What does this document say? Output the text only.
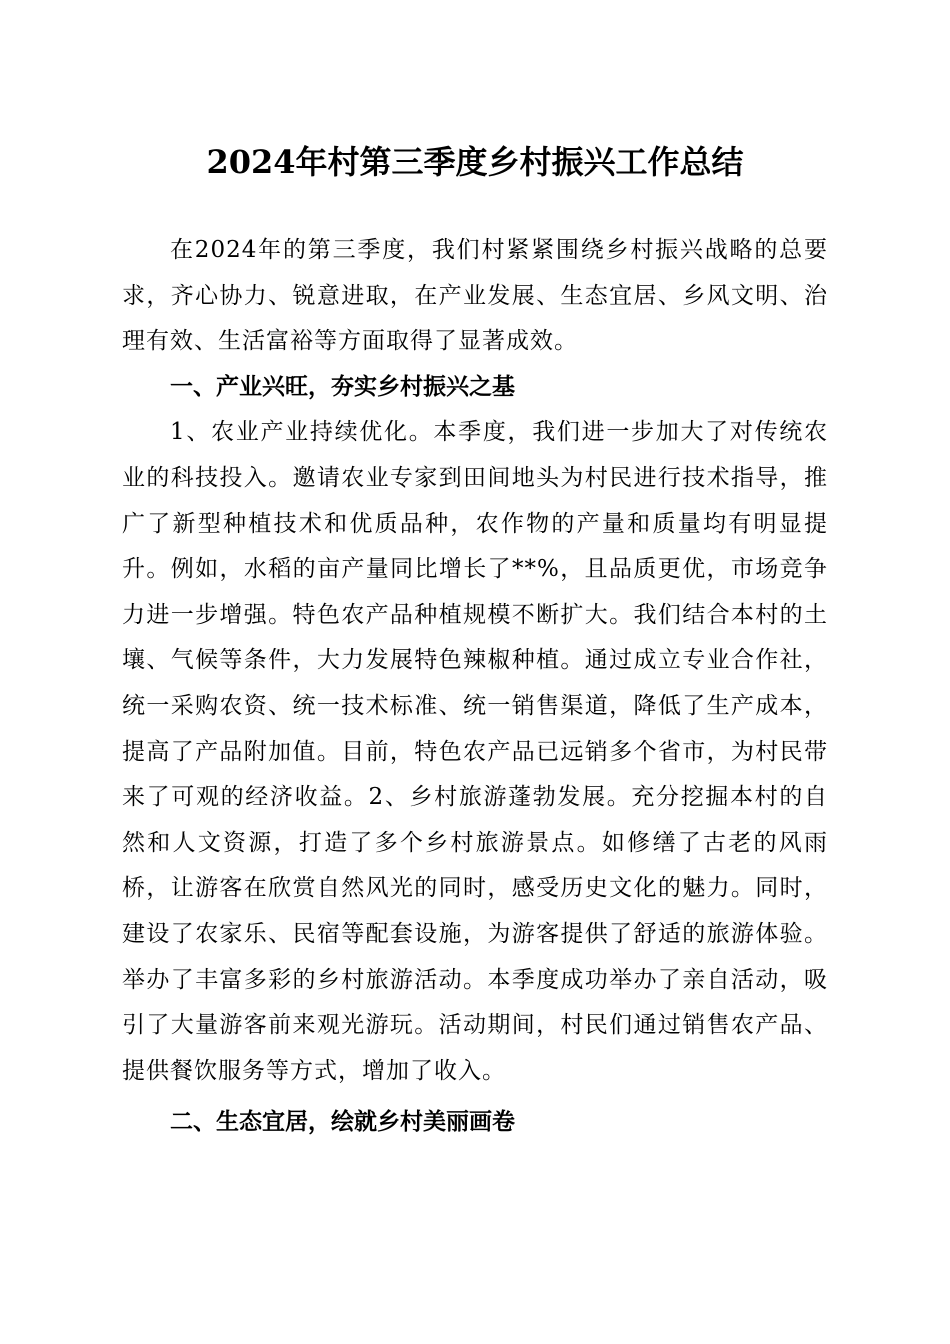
2024年村第三季度乡村振兴工作总结

在2024年的第三季度，我们村紧紧围绕乡村振兴战略的总要求，齐心协力、锐意进取，在产业发展、生态宜居、乡风文明、治理有效、生活富裕等方面取得了显著成效。

一、产业兴旺，夯实乡村振兴之基

1、农业产业持续优化。本季度，我们进一步加大了对传统农业的科技投入。邀请农业专家到田间地头为村民进行技术指导，推广了新型种植技术和优质品种，农作物的产量和质量均有明显提升。例如，水稻的亩产量同比增长了**%，且品质更优，市场竞争力进一步增强。特色农产品种植规模不断扩大。我们结合本村的土壤、气候等条件，大力发展特色辣椒种植。通过成立专业合作社，统一采购农资、统一技术标准、统一销售渠道，降低了生产成本，提高了产品附加值。目前，特色农产品已远销多个省市，为村民带来了可观的经济收益。2、乡村旅游蓬勃发展。充分挖掘本村的自然和人文资源，打造了多个乡村旅游景点。如修缮了古老的风雨桥，让游客在欣赏自然风光的同时，感受历史文化的魅力。同时，建设了农家乐、民宿等配套设施，为游客提供了舒适的旅游体验。举办了丰富多彩的乡村旅游活动。本季度成功举办了亲自活动，吸引了大量游客前来观光游玩。活动期间，村民们通过销售农产品、提供餐饮服务等方式，增加了收入。

二、生态宜居，绘就乡村美丽画卷
